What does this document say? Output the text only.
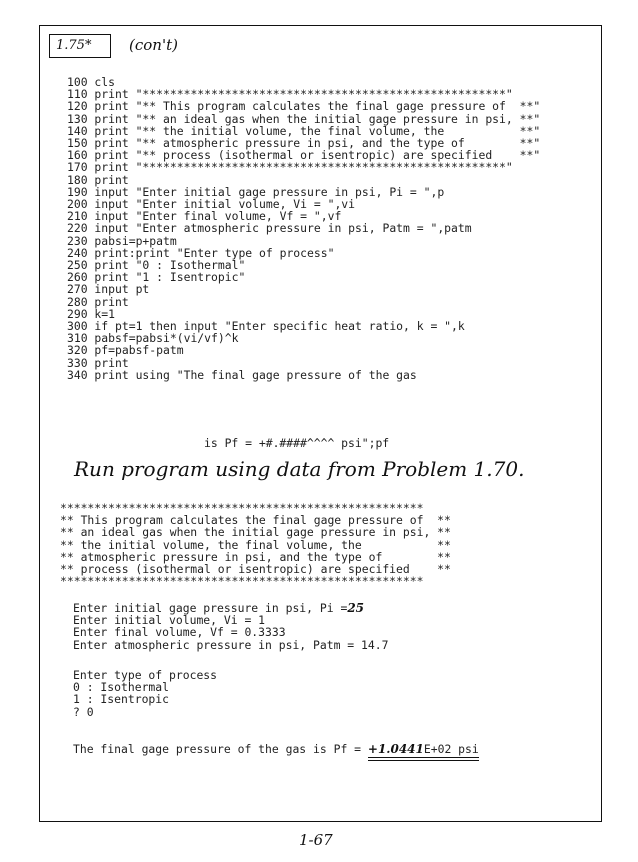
1.75*	(con't)
100 cls
110 print "*****************************************************"
120 print "** This program calculates the final gage pressure of  **"
130 print "** an ideal gas when the initial gage pressure in psi, **"
140 print "** the initial volume, the final volume, the           **"
150 print "** atmospheric pressure in psi, and the type of        **"
160 print "** process (isothermal or isentropic) are specified    **"
170 print "*****************************************************"
180 print
190 input "Enter initial gage pressure in psi, Pi = ",p
200 input "Enter initial volume, Vi = ",vi
210 input "Enter final volume, Vf = ",vf
220 input "Enter atmospheric pressure in psi, Patm = ",patm
230 pabsi=p+patm
240 print:print "Enter type of process"
250 print "0 : Isothermal"
260 print "1 : Isentropic"
270 input pt
280 print
290 k=1
300 if pt=1 then input "Enter specific heat ratio, k = ",k
310 pabsf=pabsi*(vi/vf)^k
320 pf=pabsf-patm
330 print
340 print using "The final gage pressure of the gas
is Pf = +#.####^^^^ psi";pf
Run program using data from Problem 1.70.
*****************************************************
** This program calculates the final gage pressure of  **
** an ideal gas when the initial gage pressure in psi, **
** the initial volume, the final volume, the           **
** atmospheric pressure in psi, and the type of        **
** process (isothermal or isentropic) are specified    **
*****************************************************
Enter initial gage pressure in psi, Pi =25
Enter initial volume, Vi = 1
Enter final volume, Vf = 0.3333
Enter atmospheric pressure in psi, Patm = 14.7
Enter type of process
0 : Isothermal
1 : Isentropic
? 0
The final gage pressure of the gas is Pf = +1.0441E+02 psi
1-67
